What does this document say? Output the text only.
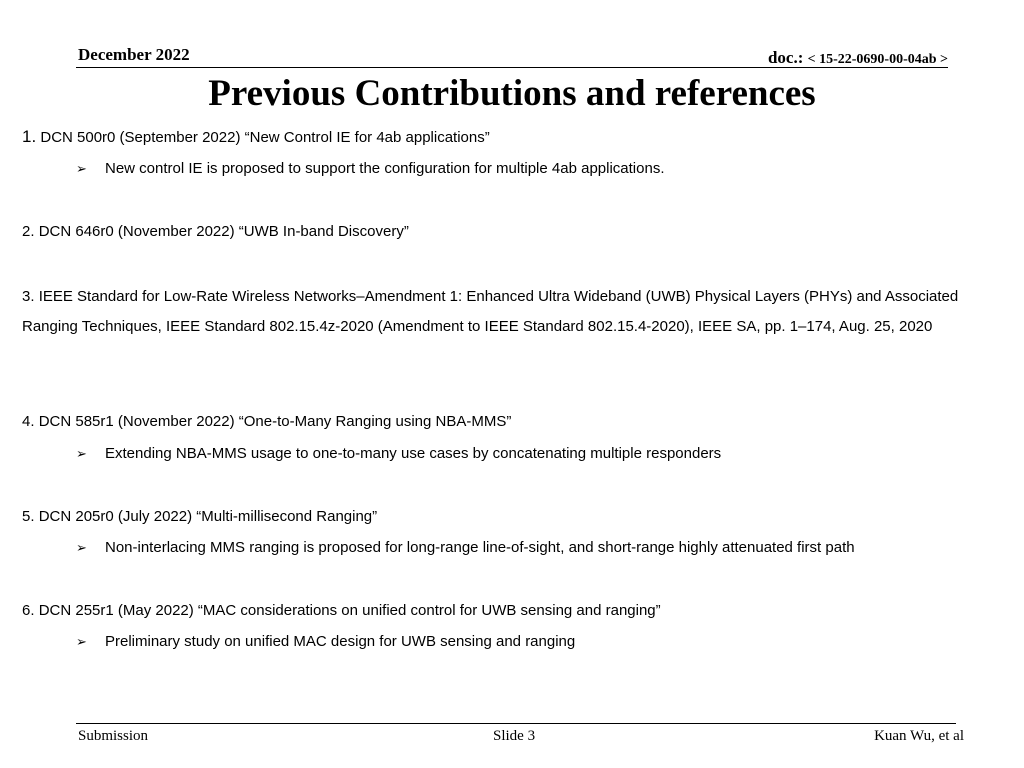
December 2022	doc.: < 15-22-0690-00-04ab >
Previous Contributions and references
1. DCN 500r0 (September 2022) “New Control IE for 4ab applications”
➢ New control IE is proposed to support the configuration for multiple 4ab applications.
2. DCN 646r0 (November 2022) “UWB In-band Discovery”
3. IEEE Standard for Low-Rate Wireless Networks–Amendment 1: Enhanced Ultra Wideband (UWB) Physical Layers (PHYs) and Associated Ranging Techniques, IEEE Standard 802.15.4z-2020 (Amendment to IEEE Standard 802.15.4-2020), IEEE SA, pp. 1–174, Aug. 25, 2020
4. DCN 585r1 (November 2022) “One-to-Many Ranging using NBA-MMS”
➢ Extending NBA-MMS usage to one-to-many use cases by concatenating multiple responders
5. DCN 205r0 (July 2022) “Multi-millisecond Ranging”
➢ Non-interlacing MMS ranging is proposed for long-range line-of-sight, and short-range highly attenuated first path
6. DCN 255r1 (May 2022) “MAC considerations on unified control for UWB sensing and ranging”
➢ Preliminary study on unified MAC design for UWB sensing and ranging
Submission	Slide 3	Kuan Wu, et al
